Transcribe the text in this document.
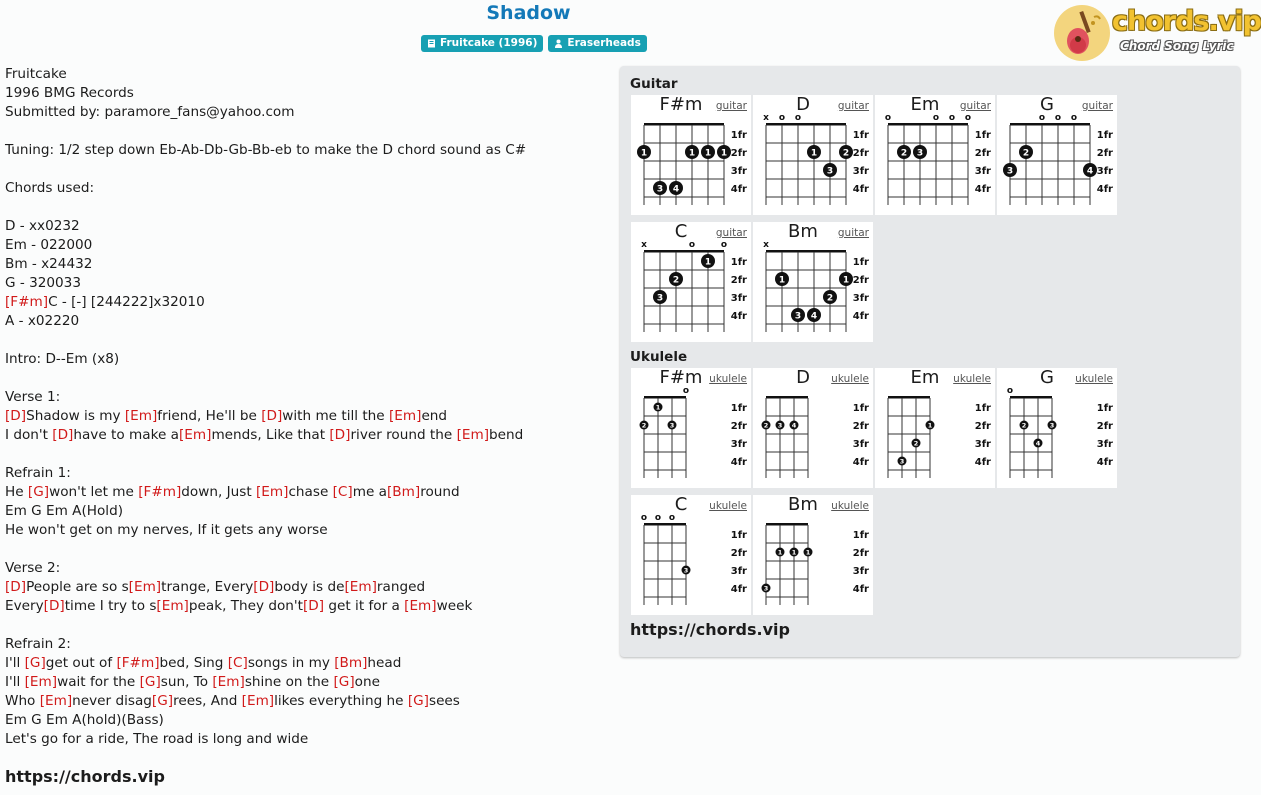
Shadow
Fruitcake (1996)	Eraserheads
chords.vip
Chord Song Lyric
Fruitcake
1996 BMG Records
Submitted by: paramore_fans@yahoo.com
Tuning: 1/2 step down Eb-Ab-Db-Gb-Bb-eb to make the D chord sound as C#
Chords used:
D - xx0232
Em - 022000
Bm - x24432
G - 320033
[F#m]C - [-] [244222]x32010
A - x02220
Intro: D--Em (x8)
Verse 1:
[D]Shadow is my [Em]friend, He'll be [D]with me till the [Em]end
I don't [D]have to make a[Em]mends, Like that [D]river round the [Em]bend
Refrain 1:
He [G]won't let me [F#m]down, Just [Em]chase [C]me a[Bm]round
Em G Em A(Hold)
He won't get on my nerves, If it gets any worse
Verse 2:
[D]People are so s[Em]trange, Every[D]body is de[Em]ranged
Every[D]time I try to s[Em]peak, They don't[D] get it for a [Em]week
Refrain 2:
I'll [G]get out of [F#m]bed, Sing [C]songs in my [Bm]head
I'll [Em]wait for the [G]sun, To [Em]shine on the [G]one
Who [Em]never disag[G]rees, And [Em]likes everything he [G]sees
Em G Em A(hold)(Bass)
Let's go for a ride, The road is long and wide
https://chords.vip
Guitar
Ukulele
https://chords.vip
F#m	guitar
1	1 1 1
3 4
1fr
2fr
3fr
4fr
D	guitar
x o o
1	2
3
1fr
2fr
3fr
4fr
Em	guitar
o	o o o
2 3
1fr
2fr
3fr
4fr
G	guitar
o o o
2
3	4
1fr
2fr
3fr
4fr
C	guitar
x	o	o
1
2
3
1fr
2fr
3fr
4fr
Bm	guitar
x
1	1
2
3 4
1fr
2fr
3fr
4fr
F#m ukulele
o
1
2	3
1fr
2fr
3fr
4fr
D	ukulele
2 3 4
1fr
2fr
3fr
4fr
Em	ukulele
1
2
3
1fr
2fr
3fr
4fr
G	ukulele
o
2	3
4
1fr
2fr
3fr
4fr
C	ukulele
o o o
3
1fr
2fr
3fr
4fr
Bm	ukulele
1 1 1
3
1fr
2fr
3fr
4fr
